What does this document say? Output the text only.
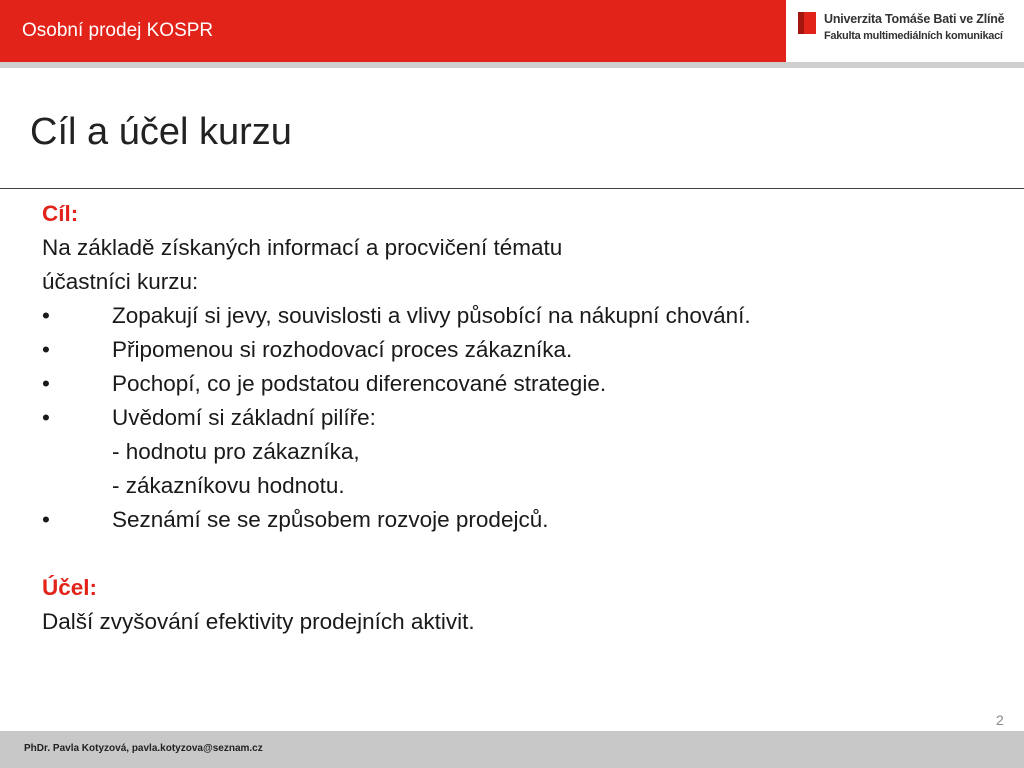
Osobní prodej KOSPR
Univerzita Tomáše Bati ve Zlíně
Fakulta multimediálních komunikací
Cíl a účel kurzu
Cíl:
Na základě získaných informací a procvičení tématu
účastníci kurzu:
•	Zopakují si jevy, souvislosti a vlivy působící na nákupní chování.
•	Připomenou si rozhodovací proces zákazníka.
•	Pochopí, co je podstatou diferencované strategie.
•	Uvědomí si základní pilíře:
- hodnotu pro zákazníka,
- zákazníkovu hodnotu.
•	Seznámí se se způsobem rozvoje prodejců.
Účel:
Další zvyšování efektivity prodejních aktivit.
2
PhDr. Pavla Kotyzová, pavla.kotyzova@seznam.cz
